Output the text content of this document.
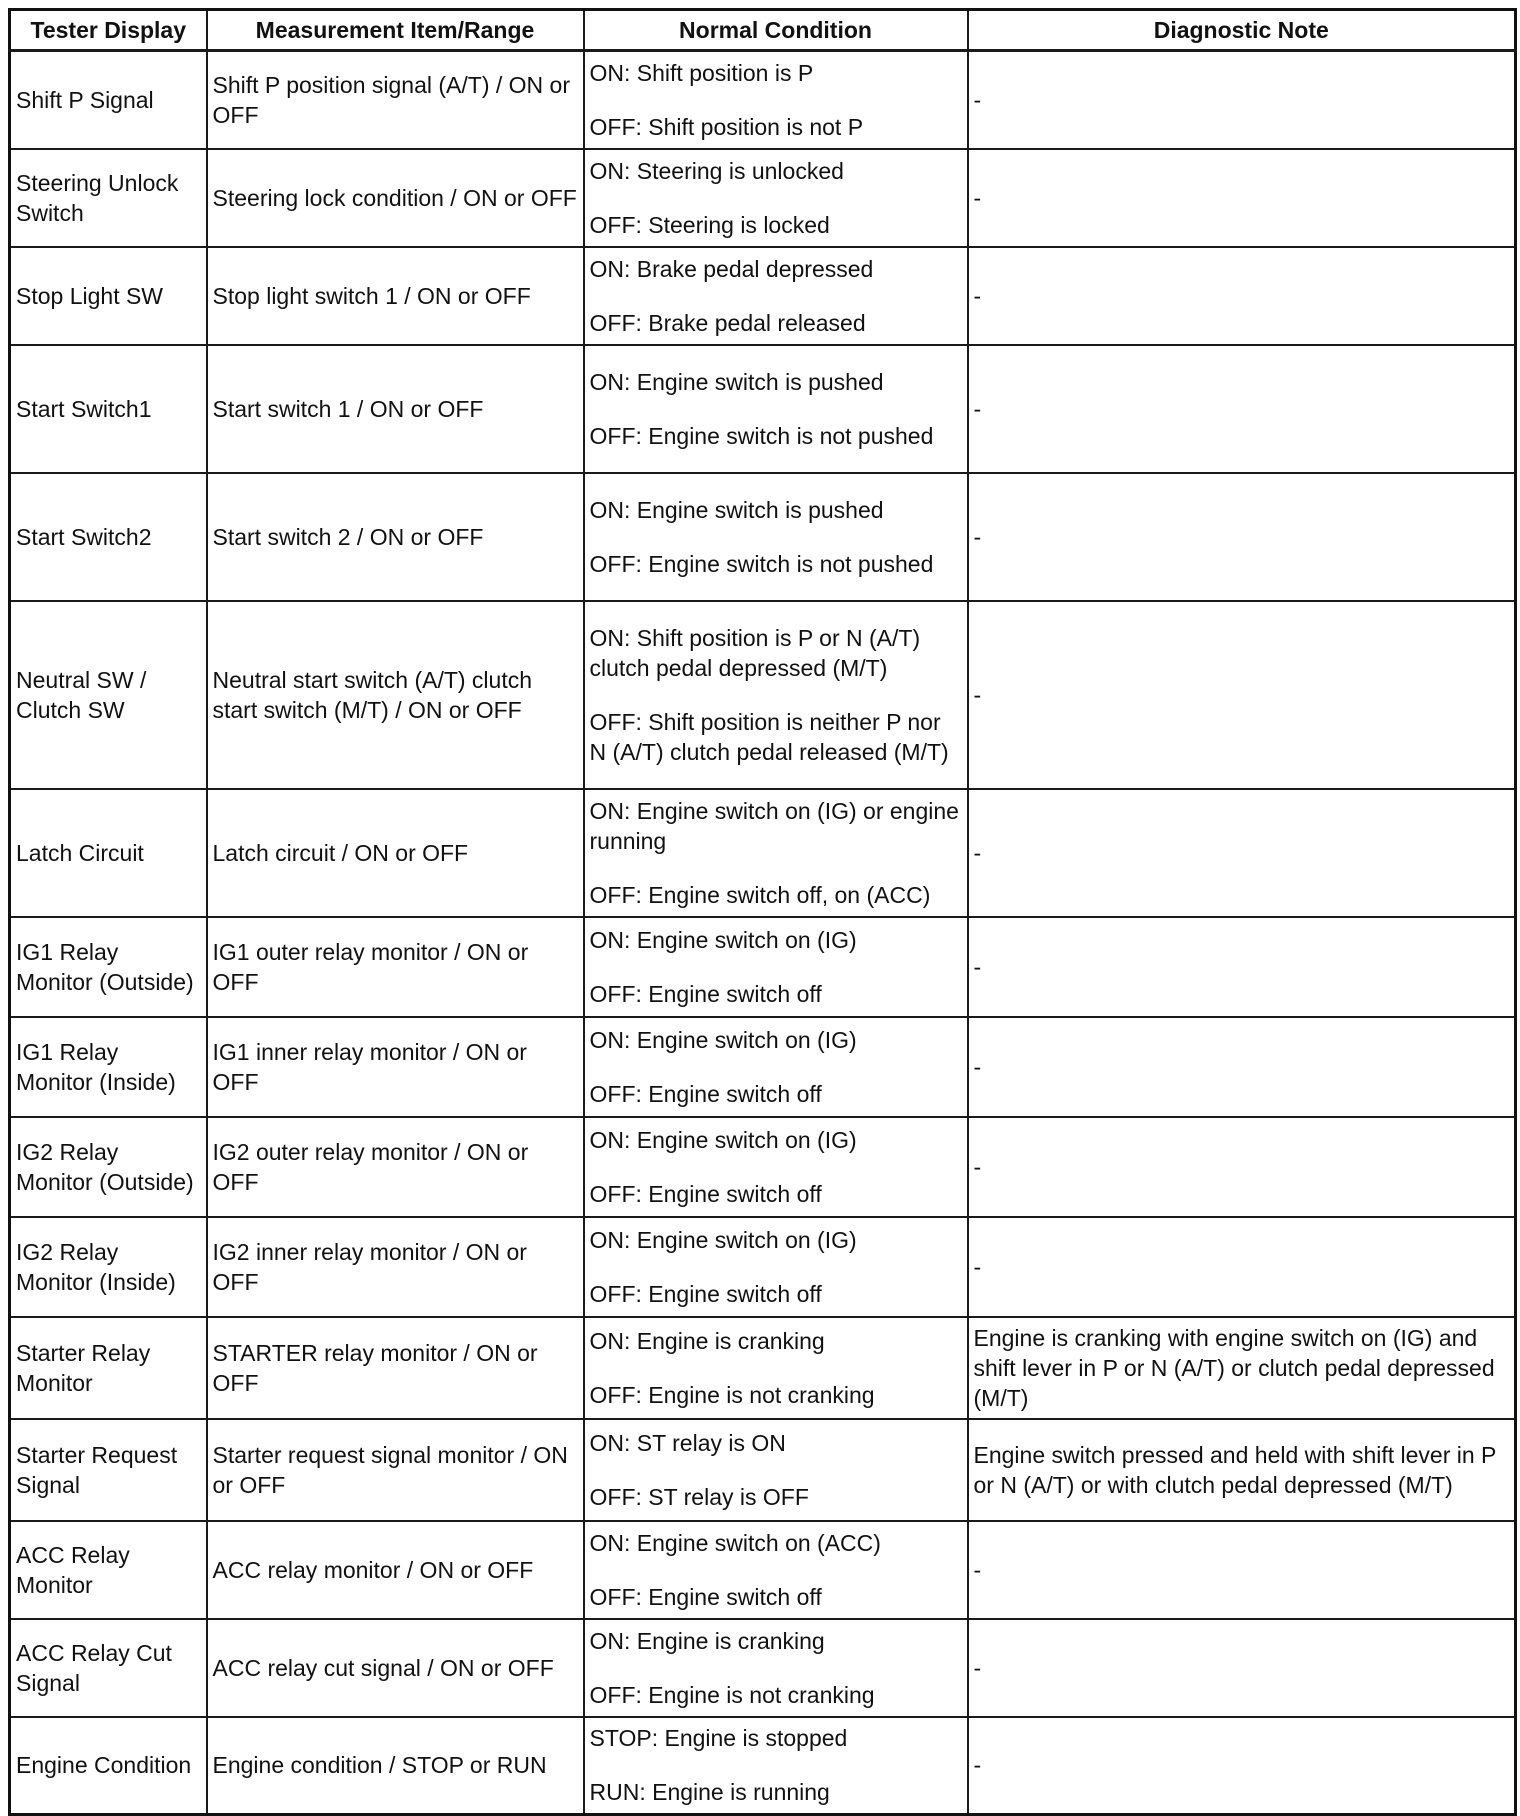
Tester Display	Measurement Item/Range	Normal Condition	Diagnostic Note
Shift P Signal	Shift P position signal (A/T) / ON or OFF	ON: Shift position is P

OFF: Shift position is not P	-
Steering Unlock Switch	Steering lock condition / ON or OFF	ON: Steering is unlocked

OFF: Steering is locked	-
Stop Light SW	Stop light switch 1 / ON or OFF	ON: Brake pedal depressed

OFF: Brake pedal released	-
Start Switch1	Start switch 1 / ON or OFF	ON: Engine switch is pushed

OFF: Engine switch is not pushed	-
Start Switch2	Start switch 2 / ON or OFF	ON: Engine switch is pushed

OFF: Engine switch is not pushed	-
Neutral SW / Clutch SW	Neutral start switch (A/T) clutch start switch (M/T) / ON or OFF	ON: Shift position is P or N (A/T) clutch pedal depressed (M/T)

OFF: Shift position is neither P nor N (A/T) clutch pedal released (M/T)	-
Latch Circuit	Latch circuit / ON or OFF	ON: Engine switch on (IG) or engine running

OFF: Engine switch off, on (ACC)	-
IG1 Relay Monitor (Outside)	IG1 outer relay monitor / ON or OFF	ON: Engine switch on (IG)

OFF: Engine switch off	-
IG1 Relay Monitor (Inside)	IG1 inner relay monitor / ON or OFF	ON: Engine switch on (IG)

OFF: Engine switch off	-
IG2 Relay Monitor (Outside)	IG2 outer relay monitor / ON or OFF	ON: Engine switch on (IG)

OFF: Engine switch off	-
IG2 Relay Monitor (Inside)	IG2 inner relay monitor / ON or OFF	ON: Engine switch on (IG)

OFF: Engine switch off	-
Starter Relay Monitor	STARTER relay monitor / ON or OFF	ON: Engine is cranking

OFF: Engine is not cranking	Engine is cranking with engine switch on (IG) and shift lever in P or N (A/T) or clutch pedal depressed (M/T)
Starter Request Signal	Starter request signal monitor / ON or OFF	ON: ST relay is ON

OFF: ST relay is OFF	Engine switch pressed and held with shift lever in P or N (A/T) or with clutch pedal depressed (M/T)
ACC Relay Monitor	ACC relay monitor / ON or OFF	ON: Engine switch on (ACC)

OFF: Engine switch off	-
ACC Relay Cut Signal	ACC relay cut signal / ON or OFF	ON: Engine is cranking

OFF: Engine is not cranking	-
Engine Condition	Engine condition / STOP or RUN	STOP: Engine is stopped

RUN: Engine is running	-
